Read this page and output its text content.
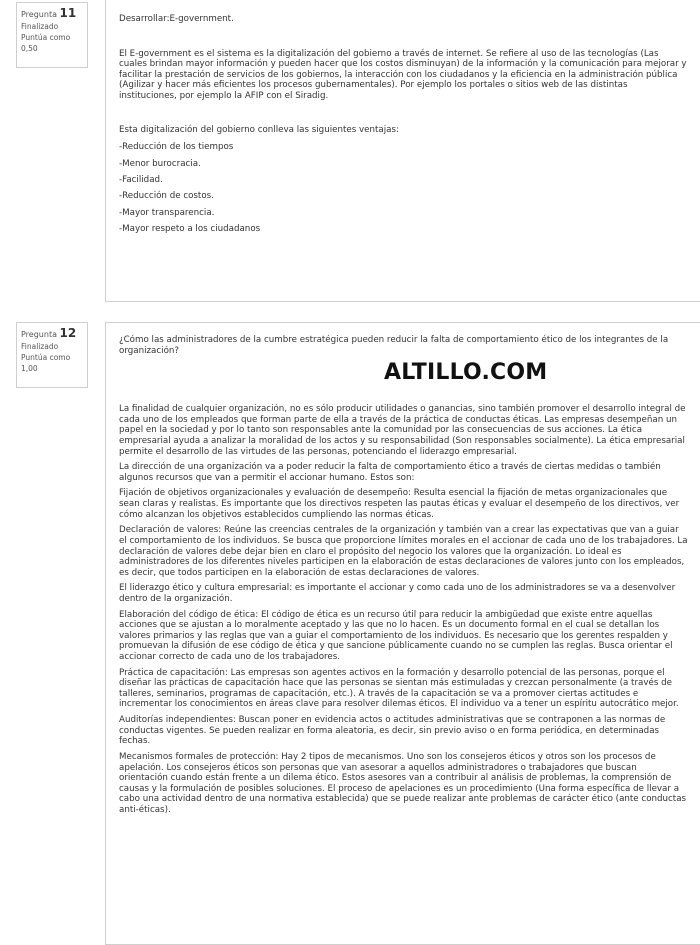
Pregunta 11
Finalizado
Puntúa como
0,50

Desarrollar:E-government.

El E-government es el sistema es la digitalización del gobierno a través de internet. Se refiere al uso de las tecnologías (Las cuales brindan mayor información y pueden hacer que los costos disminuyan) de la información y la comunicación para mejorar y facilitar la prestación de servicios de los gobiernos, la interacción con los ciudadanos y la eficiencia en la administración pública (Agilizar y hacer más eficientes los procesos gubernamentales). Por ejemplo los portales o sitios web de las distintas instituciones, por ejemplo la AFIP con el Siradig.

Esta digitalización del gobierno conlleva las siguientes ventajas:

-Reducción de los tiempos

-Menor burocracia.

-Facilidad.

-Reducción de costos.

-Mayor transparencia.

-Mayor respeto a los ciudadanos

Pregunta 12
Finalizado
Puntúa como
1,00

¿Cómo las administradores de la cumbre estratégica pueden reducir la falta de comportamiento ético de los integrantes de la organización?

La finalidad de cualquier organización, no es sólo producir utilidades o ganancias, sino también promover el desarrollo integral de cada uno de los empleados que forman parte de ella a través de la práctica de conductas éticas. Las empresas desempeñan un papel en la sociedad y por lo tanto son responsables ante la comunidad por las consecuencias de sus acciones. La ética empresarial ayuda a analizar la moralidad de los actos y su responsabilidad (Son responsables socialmente). La ética empresarial permite el desarrollo de las virtudes de las personas, potenciando el liderazgo empresarial.

La dirección de una organización va a poder reducir la falta de comportamiento ético a través de ciertas medidas o también algunos recursos que van a permitir el accionar humano. Estos son:

Fijación de objetivos organizacionales y evaluación de desempeño: Resulta esencial la fijación de metas organizacionales que sean claras y realistas. Es importante que los directivos respeten las pautas éticas y evaluar el desempeño de los directivos, ver cómo alcanzan los objetivos establecidos cumpliendo las normas éticas.

Declaración de valores: Reúne las creencias centrales de la organización y también van a crear las expectativas que van a guiar el comportamiento de los individuos. Se busca que proporcione límites morales en el accionar de cada uno de los trabajadores. La declaración de valores debe dejar bien en claro el propósito del negocio los valores que la organización. Lo ideal es administradores de los diferentes niveles participen en la elaboración de estas declaraciones de valores junto con los empleados, es decir, que todos participen en la elaboración de estas declaraciones de valores.

El liderazgo ético y cultura empresarial: es importante el accionar y como cada uno de los administradores se va a desenvolver dentro de la organización.

Elaboración del código de ética: El código de ética es un recurso útil para reducir la ambigüedad que existe entre aquellas acciones que se ajustan a lo moralmente aceptado y las que no lo hacen. Es un documento formal en el cual se detallan los valores primarios y las reglas que van a guiar el comportamiento de los individuos. Es necesario que los gerentes respalden y promuevan la difusión de ese código de ética y que sancione públicamente cuando no se cumplen las reglas. Busca orientar el accionar correcto de cada uno de los trabajadores.

Práctica de capacitación: Las empresas son agentes activos en la formación y desarrollo potencial de las personas, porque el diseñar las prácticas de capacitación hace que las personas se sientan más estimuladas y crezcan personalmente (a través de talleres, seminarios, programas de capacitación, etc.). A través de la capacitación se va a promover ciertas actitudes e incrementar los conocimientos en áreas clave para resolver dilemas éticos. El individuo va a tener un espíritu autocrático mejor.

Auditorías independientes: Buscan poner en evidencia actos o actitudes administrativas que se contraponen a las normas de conductas vigentes. Se pueden realizar en forma aleatoria, es decir, sin previo aviso o en forma periódica, en determinadas fechas.

Mecanismos formales de protección: Hay 2 tipos de mecanismos. Uno son los consejeros éticos y otros son los procesos de apelación. Los consejeros éticos son personas que van asesorar a aquellos administradores o trabajadores que buscan orientación cuando están frente a un dilema ético. Estos asesores van a contribuir al análisis de problemas, la comprensión de causas y la formulación de posibles soluciones. El proceso de apelaciones es un procedimiento (Una forma específica de llevar a cabo una actividad dentro de una normativa establecida) que se puede realizar ante problemas de carácter ético (ante conductas anti-éticas).

ALTILLO.COM
